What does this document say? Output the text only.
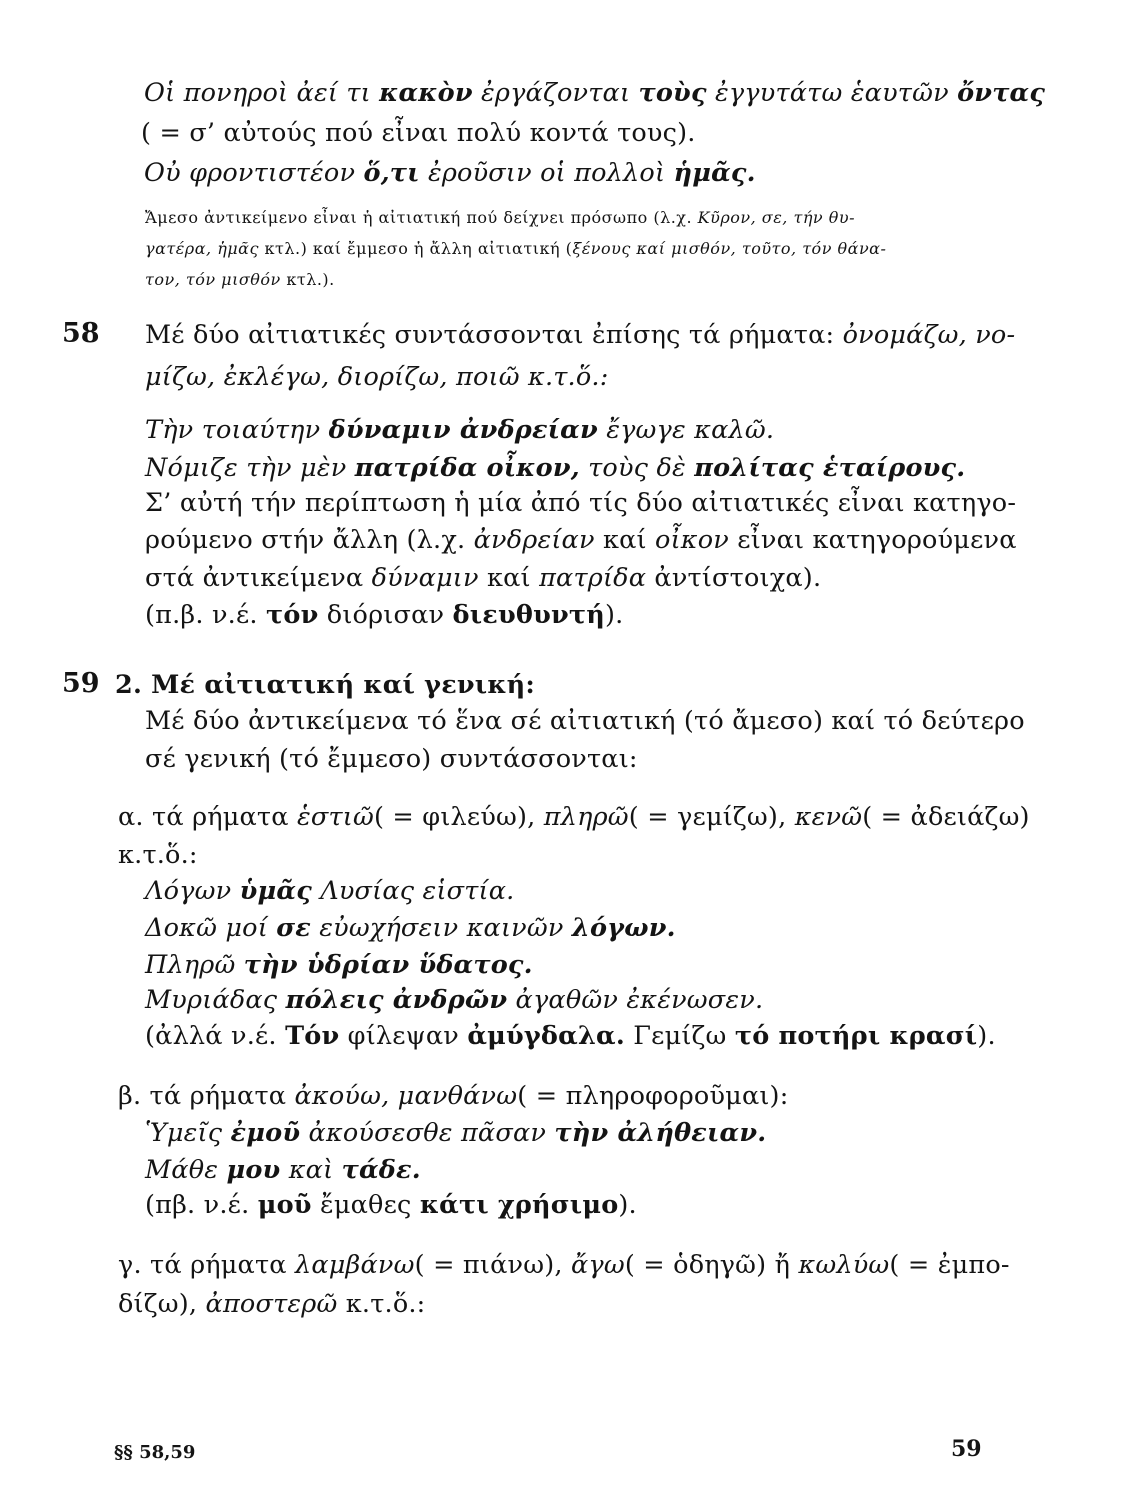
Οἱ πονηροὶ ἀεί τι κακὸν ἐργάζονται τοὺς ἐγγυτάτω ἑαυτῶν ὄντας
( = σ’ αὐτούς πού εἶναι πολύ κοντά τους).
Οὐ φροντιστέον ὅ,τι ἐροῦσιν οἱ πολλοὶ ἡμᾶς.
Ἄμεσο ἀντικείμενο εἶναι ἡ αἰτιατική πού δείχνει πρόσωπο (λ.χ. Κῦρον, σε, τήν θυ-
γατέρα, ἡμᾶς κτλ.) καί ἔμμεσο ἡ ἄλλη αἰτιατική (ξένους καί μισθόν, τοῦτο, τόν θάνα-
τον, τόν μισθόν κτλ.).
58 Μέ δύο αἰτιατικές συντάσσονται ἐπίσης τά ρήματα: ὀνομάζω, νο-
μίζω, ἐκλέγω, διορίζω, ποιῶ κ.τ.ὅ.:
Τὴν τοιαύτην δύναμιν ἀνδρείαν ἔγωγε καλῶ.
Νόμιζε τὴν μὲν πατρίδα οἶκον, τοὺς δὲ πολίτας ἑταίρους.
Σ’ αὐτή τήν περίπτωση ἡ μία ἀπό τίς δύο αἰτιατικές εἶναι κατηγο-
ρούμενο στήν ἄλλη (λ.χ. ἀνδρείαν καί οἶκον εἶναι κατηγορούμενα
στά ἀντικείμενα δύναμιν καί πατρίδα ἀντίστοιχα).
(π.β. ν.έ. τόν διόρισαν διευθυντή).
59 2. Μέ αἰτιατική καί γενική:
Μέ δύο ἀντικείμενα τό ἕνα σέ αἰτιατική (τό ἄμεσο) καί τό δεύτερο
σέ γενική (τό ἔμμεσο) συντάσσονται:
α. τά ρήματα ἑστιῶ( = φιλεύω), πληρῶ( = γεμίζω), κενῶ( = ἀδειάζω)
κ.τ.ὅ.:
Λόγων ὑμᾶς Λυσίας εἱστία.
Δοκῶ μοί σε εὐωχήσειν καινῶν λόγων.
Πληρῶ τὴν ὑδρίαν ὕδατος.
Μυριάδας πόλεις ἀνδρῶν ἀγαθῶν ἐκένωσεν.
(ἀλλά ν.έ. Τόν φίλεψαν ἀμύγδαλα. Γεμίζω τό ποτήρι κρασί).
β. τά ρήματα ἀκούω, μανθάνω( = πληροφοροῦμαι):
Ὑμεῖς ἐμοῦ ἀκούσεσθε πᾶσαν τὴν ἀλήθειαν.
Μάθε μου καὶ τάδε.
(πβ. ν.έ. μοῦ ἔμαθες κάτι χρήσιμο).
γ. τά ρήματα λαμβάνω( = πιάνω), ἄγω( = ὁδηγῶ) ἤ κωλύω( = ἐμπο-
δίζω), ἀποστερῶ κ.τ.ὅ.:
§§ 58,59	59
